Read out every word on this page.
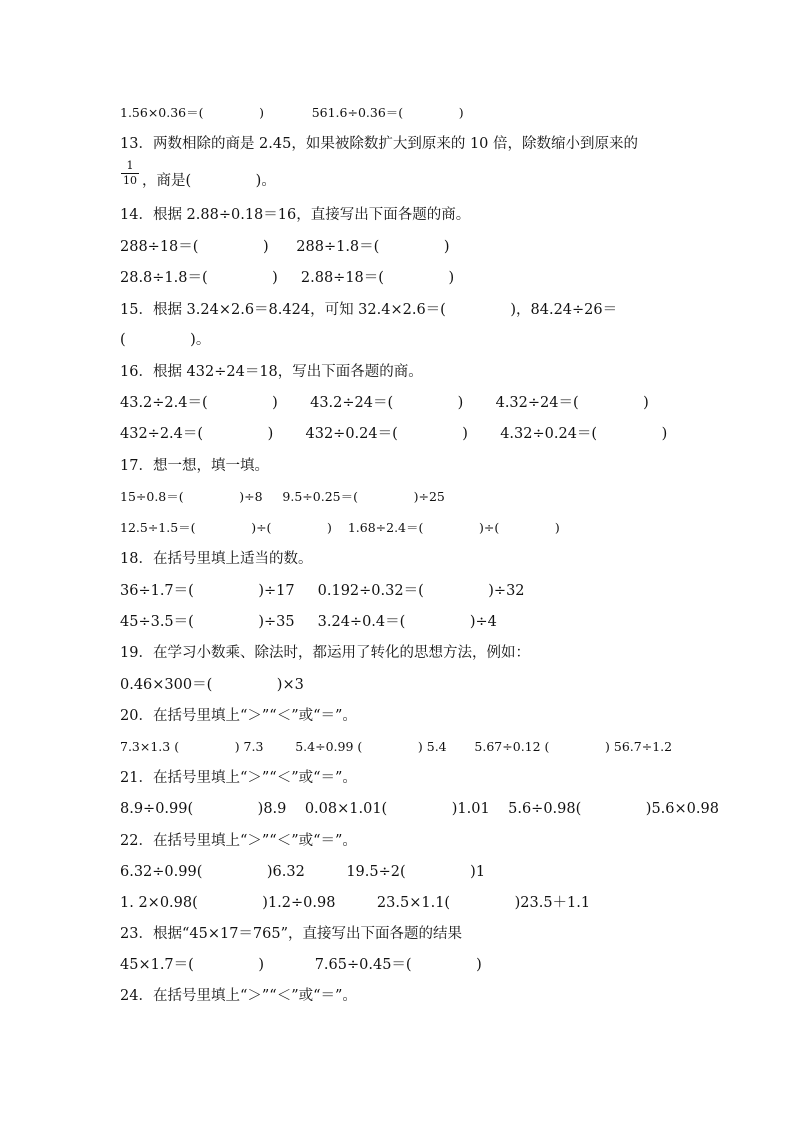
1.56×0.36＝(              )            561.6÷0.36＝(              )
13．两数相除的商是 2.45，如果被除数扩大到原来的 10 倍，除数缩小到原来的
1
10 ，商是(              )。
14．根据 2.88÷0.18＝16，直接写出下面各题的商。
288÷18＝(              )      288÷1.8＝(              )
28.8÷1.8＝(              )     2.88÷18＝(              )
15．根据 3.24×2.6＝8.424，可知 32.4×2.6＝(              )，84.24÷26＝
(              )。
16．根据 432÷24＝18，写出下面各题的商。
43.2÷2.4＝(              )       43.2÷24＝(              )       4.32÷24＝(              )
432÷2.4＝(              )       432÷0.24＝(              )       4.32÷0.24＝(              )
17．想一想，填一填。
15÷0.8＝(              )÷8     9.5÷0.25＝(              )÷25
12.5÷1.5＝(              )÷(              )    1.68÷2.4＝(              )÷(              )
18．在括号里填上适当的数。
36÷1.7＝(              )÷17     0.192÷0.32＝(              )÷32
45÷3.5＝(              )÷35     3.24÷0.4＝(              )÷4
19．在学习小数乘、除法时，都运用了转化的思想方法，例如：
0.46×300＝(              )×3
20．在括号里填上“＞”“＜”或“＝”。
7.3×1.3 (              ) 7.3        5.4÷0.99 (              ) 5.4       5.67÷0.12 (              ) 56.7÷1.2
21．在括号里填上“＞”“＜”或“＝”。
8.9÷0.99(              )8.9    0.08×1.01(              )1.01    5.6÷0.98(              )5.6×0.98
22．在括号里填上“＞”“＜”或“＝”。
6.32÷0.99(              )6.32         19.5÷2(              )1
1. 2×0.98(              )1.2÷0.98         23.5×1.1(              )23.5＋1.1
23．根据“45×17＝765”，直接写出下面各题的结果
45×1.7＝(              )           7.65÷0.45＝(              )
24．在括号里填上“＞”“＜”或“＝”。
